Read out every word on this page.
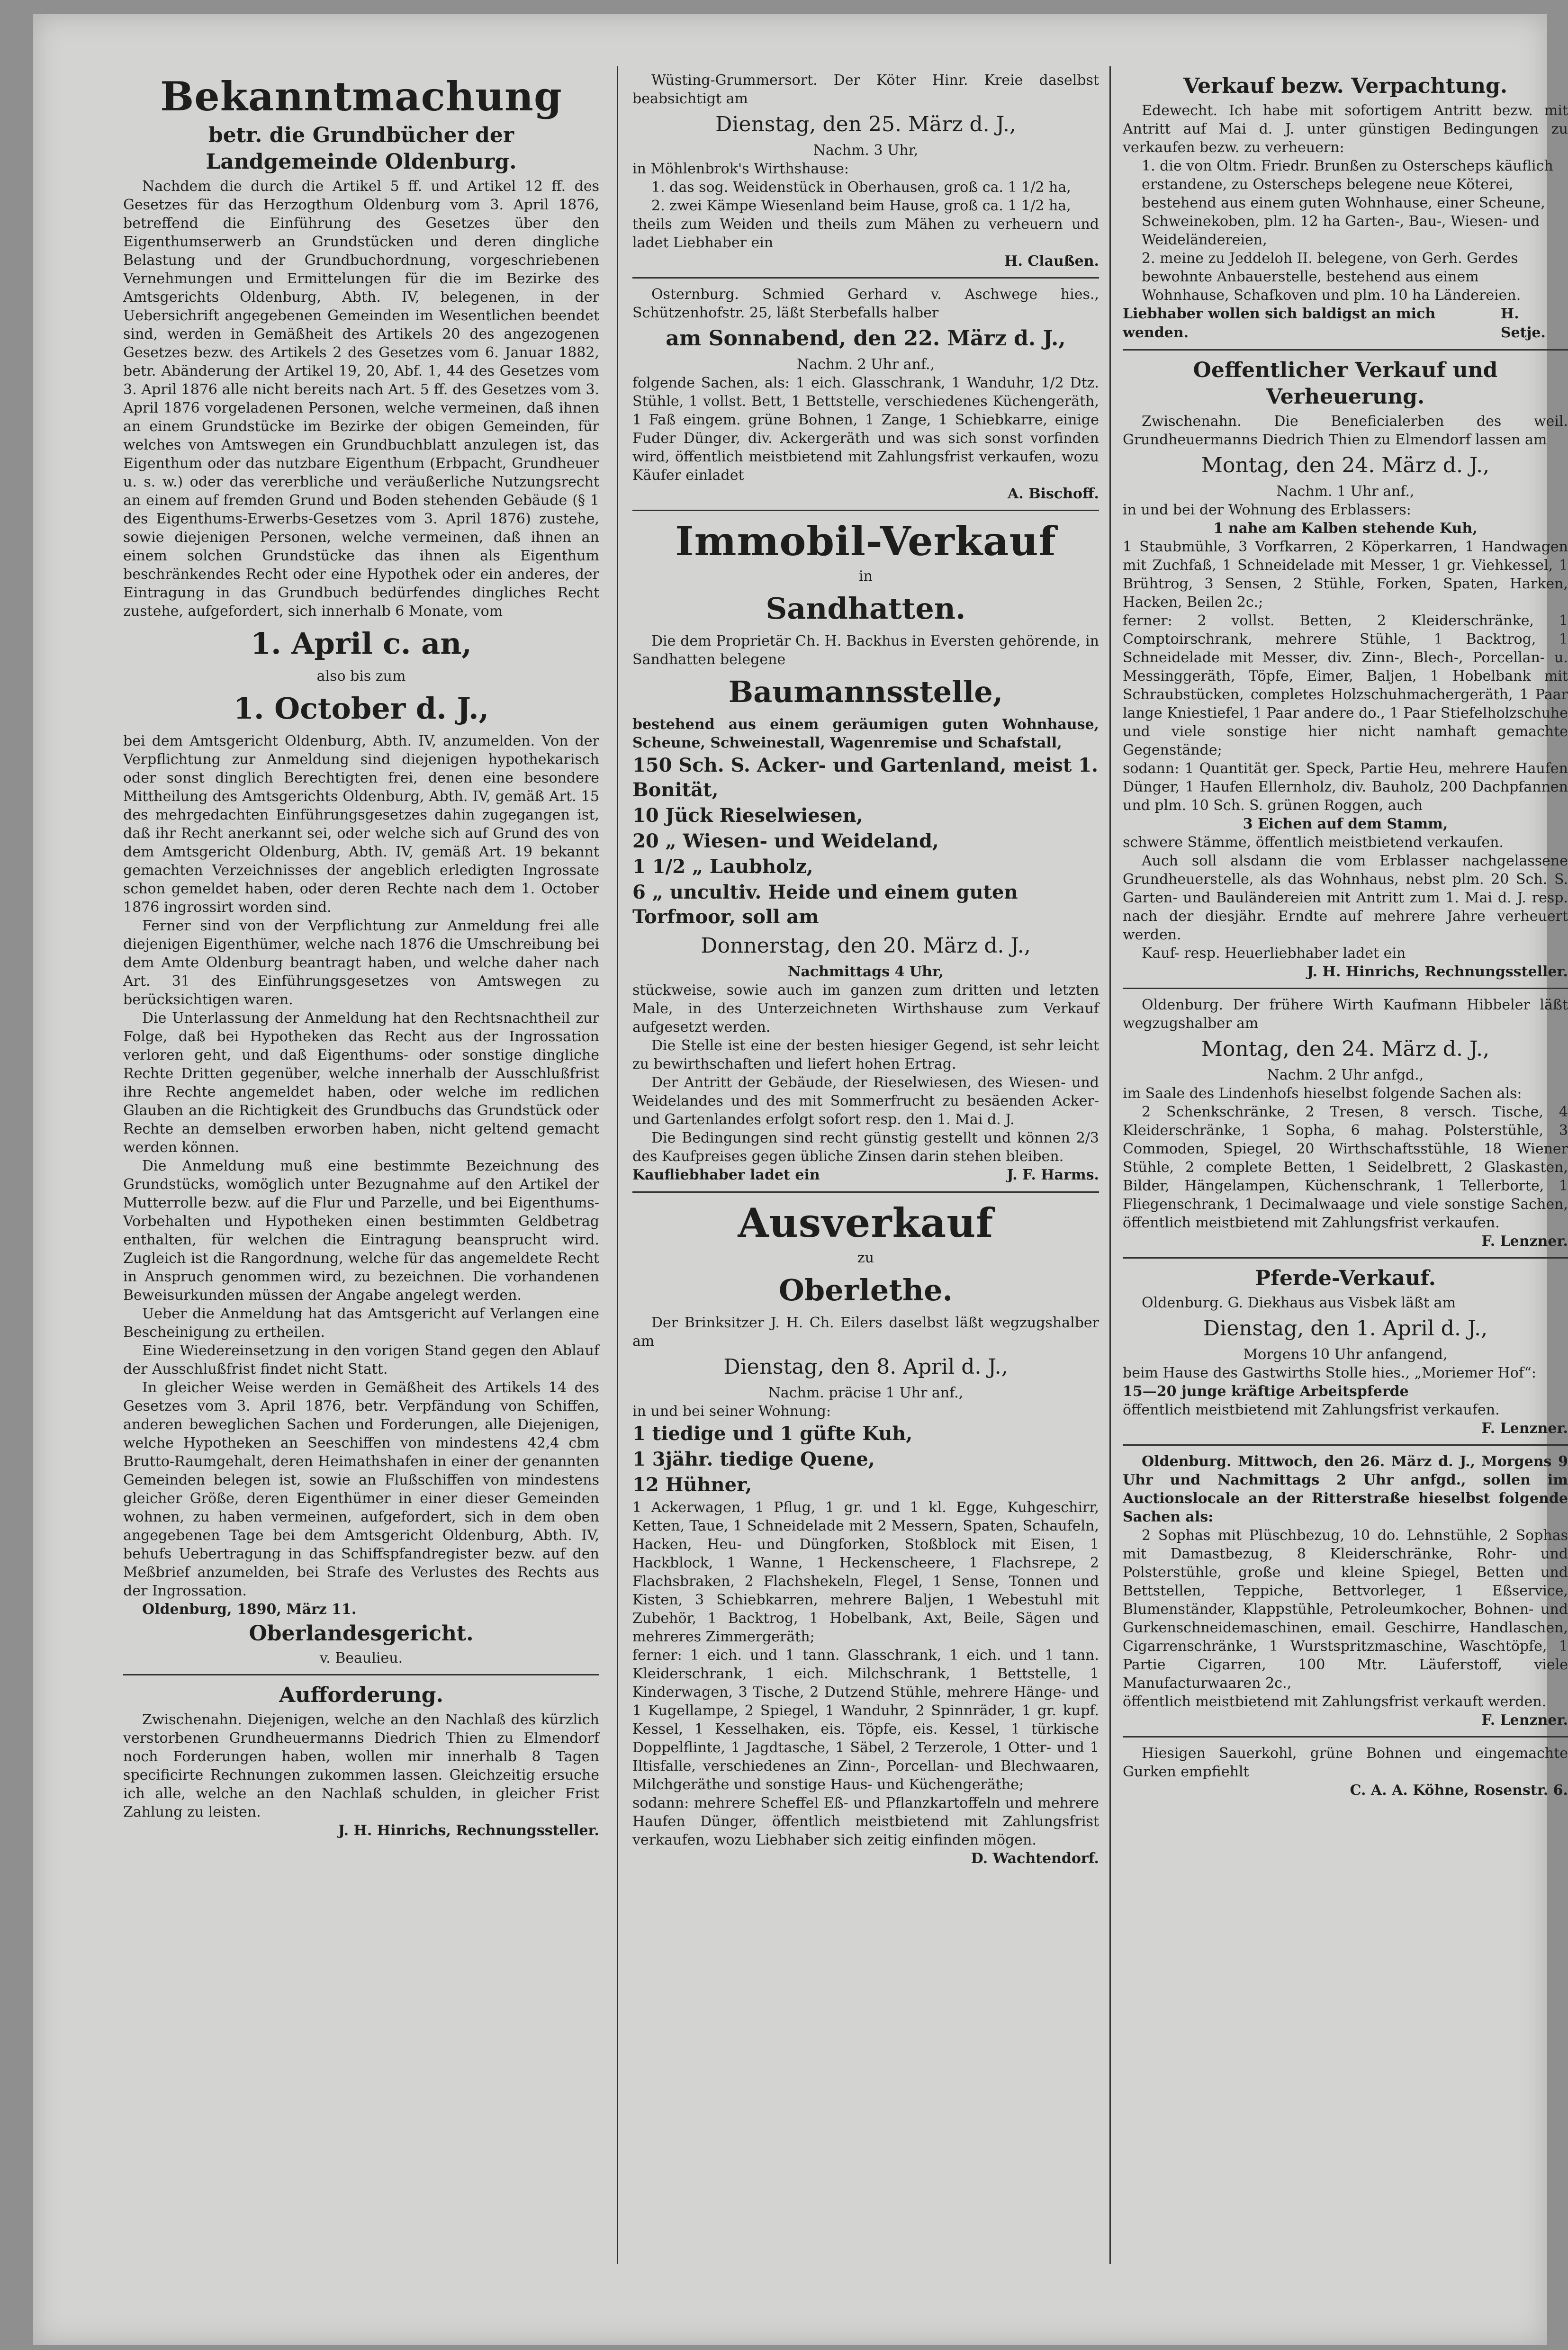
Bekanntmachung
betr. die Grundbücher der Landgemeinde Oldenburg.

Nachdem die durch die Artikel 5 ff. und Artikel 12 ff. des Gesetzes für das Herzogthum Oldenburg vom 3. April 1876, betreffend die Einführung des Gesetzes über den Eigenthumserwerb an Grundstücken und deren dingliche Belastung und der Grundbuchordnung, vorgeschriebenen Vernehmungen und Ermittelungen für die im Bezirke des Amtsgerichts Oldenburg, Abth. IV, belegenen, in der Uebersichrift angegebenen Gemeinden im Wesentlichen beendet sind, werden in Gemäßheit des Artikels 20 des angezogenen Gesetzes bezw. des Artikels 2 des Gesetzes vom 6. Januar 1882, betr. Abänderung der Artikel 19, 20, Abf. 1, 44 des Gesetzes vom 3. April 1876 alle nicht bereits nach Art. 5 ff. des Gesetzes vom 3. April 1876 vorgeladenen Personen, welche vermeinen, daß ihnen an einem Grundstücke im Bezirke der obigen Gemeinden, für welches von Amtswegen ein Grundbuchblatt anzulegen ist, das Eigenthum oder das nutzbare Eigenthum (Erbpacht, Grundheuer u. s. w.) oder das vererbliche und veräußerliche Nutzungsrecht an einem auf fremden Grund und Boden stehenden Gebäude (§ 1 des Eigenthums-Erwerbs-Gesetzes vom 3. April 1876) zustehe, sowie diejenigen Personen, welche vermeinen, daß ihnen an einem solchen Grundstücke das ihnen als Eigenthum beschränkendes Recht oder eine Hypothek oder ein anderes, der Eintragung in das Grundbuch bedürfendes dingliches Recht zustehe, aufgefordert, sich innerhalb 6 Monate, vom

1. April c. an,

also bis zum

1. October d. J.,

bei dem Amtsgericht Oldenburg, Abth. IV, anzumelden. Von der Verpflichtung zur Anmeldung sind diejenigen hypothekarisch oder sonst dinglich Berechtigten frei, denen eine besondere Mittheilung des Amtsgerichts Oldenburg, Abth. IV, gemäß Art. 15 des mehrgedachten Einführungsgesetzes dahin zugegangen ist, daß ihr Recht anerkannt sei, oder welche sich auf Grund des von dem Amtsgericht Oldenburg, Abth. IV, gemäß Art. 19 bekannt gemachten Verzeichnisses der angeblich erledigten Ingrossate schon gemeldet haben, oder deren Rechte nach dem 1. October 1876 ingrossirt worden sind.

Ferner sind von der Verpflichtung zur Anmeldung frei alle diejenigen Eigenthümer, welche nach 1876 die Umschreibung bei dem Amte Oldenburg beantragt haben, und welche daher nach Art. 31 des Einführungsgesetzes von Amtswegen zu berücksichtigen waren.

Die Unterlassung der Anmeldung hat den Rechtsnachtheil zur Folge, daß bei Hypotheken das Recht aus der Ingrossation verloren geht, und daß Eigenthums- oder sonstige dingliche Rechte Dritten gegenüber, welche innerhalb der Ausschlußfrist ihre Rechte angemeldet haben, oder welche im redlichen Glauben an die Richtigkeit des Grundbuchs das Grundstück oder Rechte an demselben erworben haben, nicht geltend gemacht werden können.

Die Anmeldung muß eine bestimmte Bezeichnung des Grundstücks, womöglich unter Bezugnahme auf den Artikel der Mutterrolle bezw. auf die Flur und Parzelle, und bei Eigenthums-Vorbehalten und Hypotheken einen bestimmten Geldbetrag enthalten, für welchen die Eintragung beansprucht wird. Zugleich ist die Rangordnung, welche für das angemeldete Recht in Anspruch genommen wird, zu bezeichnen. Die vorhandenen Beweisurkunden müssen der Angabe angelegt werden.

Ueber die Anmeldung hat das Amtsgericht auf Verlangen eine Bescheinigung zu ertheilen.

Eine Wiedereinsetzung in den vorigen Stand gegen den Ablauf der Ausschlußfrist findet nicht Statt.

In gleicher Weise werden in Gemäßheit des Artikels 14 des Gesetzes vom 3. April 1876, betr. Verpfändung von Schiffen, anderen beweglichen Sachen und Forderungen, alle Diejenigen, welche Hypotheken an Seeschiffen von mindestens 42,4 cbm Brutto-Raumgehalt, deren Heimathshafen in einer der genannten Gemeinden belegen ist, sowie an Flußschiffen von mindestens gleicher Größe, deren Eigenthümer in einer dieser Gemeinden wohnen, zu haben vermeinen, aufgefordert, sich in dem oben angegebenen Tage bei dem Amtsgericht Oldenburg, Abth. IV, behufs Uebertragung in das Schiffspfandregister bezw. auf den Meßbrief anzumelden, bei Strafe des Verlustes des Rechts aus der Ingrossation.

Oldenburg, 1890, März 11.

Oberlandesgericht.

v. Beaulieu.

Aufforderung.

Zwischenahn. Diejenigen, welche an den Nachlaß des kürzlich verstorbenen Grundheuermanns Diedrich Thien zu Elmendorf noch Forderungen haben, wollen mir innerhalb 8 Tagen specificirte Rechnungen zukommen lassen. Gleichzeitig ersuche ich alle, welche an den Nachlaß schulden, in gleicher Frist Zahlung zu leisten.

J. H. Hinrichs, Rechnungssteller.

Wüsting-Grummersort. Der Köter Hinr. Kreie daselbst beabsichtigt am

Dienstag, den 25. März d. J.,

Nachm. 3 Uhr,

in Möhlenbrok's Wirthshause:

1. das sog. Weidenstück in Oberhausen, groß ca. 1 1/2 ha,

2. zwei Kämpe Wiesenland beim Hause, groß ca. 1 1/2 ha,

theils zum Weiden und theils zum Mähen zu verheuern und ladet Liebhaber ein

H. Claußen.

Osternburg. Schmied Gerhard v. Aschwege hies., Schützenhofstr. 25, läßt Sterbefalls halber

am Sonnabend, den 22. März d. J.,

Nachm. 2 Uhr anf.,

folgende Sachen, als: 1 eich. Glasschrank, 1 Wanduhr, 1/2 Dtz. Stühle, 1 vollst. Bett, 1 Bettstelle, verschiedenes Küchengeräth, 1 Faß eingem. grüne Bohnen, 1 Zange, 1 Schiebkarre, einige Fuder Dünger, div. Ackergeräth und was sich sonst vorfinden wird, öffentlich meistbietend mit Zahlungsfrist verkaufen, wozu Käufer einladet

A. Bischoff.

Immobil-Verkauf

in

Sandhatten.

Die dem Proprietär Ch. H. Backhus in Eversten gehörende, in Sandhatten belegene

Baumannsstelle,

bestehend aus einem geräumigen guten Wohnhause, Scheune, Schweinestall, Wagenremise und Schafstall,

150 Sch. S. Acker- und Gartenland, meist 1. Bonität,
10 Jück Rieselwiesen,
20 „ Wiesen- und Weideland,
1 1/2 „ Laubholz,
6 „ uncultiv. Heide und einem guten Torfmoor, soll am
Donnerstag, den 20. März d. J.,

Nachmittags 4 Uhr,

stückweise, sowie auch im ganzen zum dritten und letzten Male, in des Unterzeichneten Wirthshause zum Verkauf aufgesetzt werden.

Die Stelle ist eine der besten hiesiger Gegend, ist sehr leicht zu bewirthschaften und liefert hohen Ertrag.

Der Antritt der Gebäude, der Rieselwiesen, des Wiesen- und Weidelandes und des mit Sommerfrucht zu besäenden Acker- und Gartenlandes erfolgt sofort resp. den 1. Mai d. J.

Die Bedingungen sind recht günstig gestellt und können 2/3 des Kaufpreises gegen übliche Zinsen darin stehen bleiben.

Kaufliebhaber ladet ein	J. F. Harms.
Ausverkauf

zu

Oberlethe.

Der Brinksitzer J. H. Ch. Eilers daselbst läßt wegzugshalber am

Dienstag, den 8. April d. J.,

Nachm. präcise 1 Uhr anf.,

in und bei seiner Wohnung:

1 tiedige und 1 güfte Kuh,
1 3jähr. tiedige Quene,
12 Hühner,

1 Ackerwagen, 1 Pflug, 1 gr. und 1 kl. Egge, Kuhgeschirr, Ketten, Taue, 1 Schneidelade mit 2 Messern, Spaten, Schaufeln, Hacken, Heu- und Düngforken, Stoßblock mit Eisen, 1 Hackblock, 1 Wanne, 1 Heckenscheere, 1 Flachsrepe, 2 Flachsbraken, 2 Flachshekeln, Flegel, 1 Sense, Tonnen und Kisten, 3 Schiebkarren, mehrere Baljen, 1 Webestuhl mit Zubehör, 1 Backtrog, 1 Hobelbank, Axt, Beile, Sägen und mehreres Zimmergeräth;

ferner: 1 eich. und 1 tann. Glasschrank, 1 eich. und 1 tann. Kleiderschrank, 1 eich. Milchschrank, 1 Bettstelle, 1 Kinderwagen, 3 Tische, 2 Dutzend Stühle, mehrere Hänge- und 1 Kugellampe, 2 Spiegel, 1 Wanduhr, 2 Spinnräder, 1 gr. kupf. Kessel, 1 Kesselhaken, eis. Töpfe, eis. Kessel, 1 türkische Doppelflinte, 1 Jagdtasche, 1 Säbel, 2 Terzerole, 1 Otter- und 1 Iltisfalle, verschiedenes an Zinn-, Porcellan- und Blechwaaren, Milchgeräthe und sonstige Haus- und Küchengeräthe;

sodann: mehrere Scheffel Eß- und Pflanzkartoffeln und mehrere Haufen Dünger, öffentlich meistbietend mit Zahlungsfrist verkaufen, wozu Liebhaber sich zeitig einfinden mögen.

D. Wachtendorf.

Verkauf bezw. Verpachtung.

Edewecht. Ich habe mit sofortigem Antritt bezw. mit Antritt auf Mai d. J. unter günstigen Bedingungen zu verkaufen bezw. zu verheuern:

1. die von Oltm. Friedr. Brunßen zu Osterscheps käuflich erstandene, zu Osterscheps belegene neue Köterei, bestehend aus einem guten Wohnhause, einer Scheune, Schweinekoben, plm. 12 ha Garten-, Bau-, Wiesen- und Weideländereien,

2. meine zu Jeddeloh II. belegene, von Gerh. Gerdes bewohnte Anbauerstelle, bestehend aus einem Wohnhause, Schafkoven und plm. 10 ha Ländereien.

Liebhaber wollen sich baldigst an mich wenden.
H. Setje.
Oeffentlicher Verkauf und Verheuerung.

Zwischenahn. Die Beneficialerben des weil. Grundheuermanns Diedrich Thien zu Elmendorf lassen am

Montag, den 24. März d. J.,

Nachm. 1 Uhr anf.,

in und bei der Wohnung des Erblassers:

1 nahe am Kalben stehende Kuh,

1 Staubmühle, 3 Vorfkarren, 2 Köperkarren, 1 Handwagen mit Zuchfaß, 1 Schneidelade mit Messer, 1 gr. Viehkessel, 1 Brühtrog, 3 Sensen, 2 Stühle, Forken, Spaten, Harken, Hacken, Beilen 2c.;

ferner: 2 vollst. Betten, 2 Kleiderschränke, 1 Comptoirschrank, mehrere Stühle, 1 Backtrog, 1 Schneidelade mit Messer, div. Zinn-, Blech-, Porcellan- u. Messinggeräth, Töpfe, Eimer, Baljen, 1 Hobelbank mit Schraubstücken, completes Holzschuhmachergeräth, 1 Paar lange Kniestiefel, 1 Paar andere do., 1 Paar Stiefelholzschuhe und viele sonstige hier nicht namhaft gemachte Gegenstände;

sodann: 1 Quantität ger. Speck, Partie Heu, mehrere Haufen Dünger, 1 Haufen Ellernholz, div. Bauholz, 200 Dachpfannen und plm. 10 Sch. S. grünen Roggen, auch

3 Eichen auf dem Stamm,

schwere Stämme, öffentlich meistbietend verkaufen.

Auch soll alsdann die vom Erblasser nachgelassene Grundheuerstelle, als das Wohnhaus, nebst plm. 20 Sch. S. Garten- und Bauländereien mit Antritt zum 1. Mai d. J. resp. nach der diesjähr. Erndte auf mehrere Jahre verheuert werden.

Kauf- resp. Heuerliebhaber ladet ein

J. H. Hinrichs, Rechnungssteller.

Oldenburg. Der frühere Wirth Kaufmann Hibbeler läßt wegzugshalber am

Montag, den 24. März d. J.,

Nachm. 2 Uhr anfgd.,

im Saale des Lindenhofs hieselbst folgende Sachen als:

2 Schenkschränke, 2 Tresen, 8 versch. Tische, 4 Kleiderschränke, 1 Sopha, 6 mahag. Polsterstühle, 3 Commoden, Spiegel, 20 Wirthschaftsstühle, 18 Wiener Stühle, 2 complete Betten, 1 Seidelbrett, 2 Glaskasten, Bilder, Hängelampen, Küchenschrank, 1 Tellerborte, 1 Fliegenschrank, 1 Decimalwaage und viele sonstige Sachen, öffentlich meistbietend mit Zahlungsfrist verkaufen.

F. Lenzner.

Pferde-Verkauf.

Oldenburg. G. Diekhaus aus Visbek läßt am

Dienstag, den 1. April d. J.,

Morgens 10 Uhr anfangend,

beim Hause des Gastwirths Stolle hies., „Moriemer Hof“:

15—20 junge kräftige Arbeitspferde

öffentlich meistbietend mit Zahlungsfrist verkaufen.

F. Lenzner.

Oldenburg. Mittwoch, den 26. März d. J., Morgens 9 Uhr und Nachmittags 2 Uhr anfgd., sollen im Auctionslocale an der Ritterstraße hieselbst folgende Sachen als:

2 Sophas mit Plüschbezug, 10 do. Lehnstühle, 2 Sophas mit Damastbezug, 8 Kleiderschränke, Rohr- und Polsterstühle, große und kleine Spiegel, Betten und Bettstellen, Teppiche, Bettvorleger, 1 Eßservice, Blumenständer, Klappstühle, Petroleumkocher, Bohnen- und Gurkenschneidemaschinen, email. Geschirre, Handlaschen, Cigarrenschränke, 1 Wurstspritzmaschine, Waschtöpfe, 1 Partie Cigarren, 100 Mtr. Läuferstoff, viele Manufacturwaaren 2c.,

öffentlich meistbietend mit Zahlungsfrist verkauft werden.

F. Lenzner.

Hiesigen Sauerkohl, grüne Bohnen und eingemachte Gurken empfiehlt

C. A. A. Köhne, Rosenstr. 6.
